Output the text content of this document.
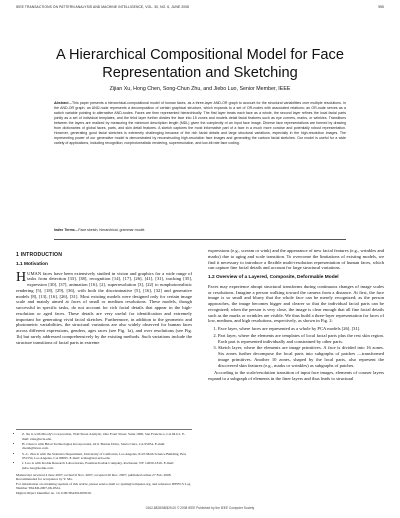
IEEE TRANSACTIONS ON PATTERN ANALYSIS AND MACHINE INTELLIGENCE, VOL. 30, NO. 6, JUNE 2008	955
A Hierarchical Compositional Model for Face Representation and Sketching
Zijian Xu, Hong Chen, Song-Chun Zhu, and Jiebo Luo, Senior Member, IEEE
Abstract—This paper presents a hierarchical-compositional model of human faces, as a three-layer AND-OR graph to account for the structural variabilities over multiple resolutions. In the AND-OR graph, an AND-node represents a decomposition of certain graphical structure, which expands to a set of OR-nodes with associated relations; an OR-node serves as a switch variable pointing to alternative AND-nodes. Faces are then represented hierarchically: The first layer treats each face as a whole, the second layer refines the local facial parts jointly as a set of individual templates, and the third layer further divides the face into 15 zones and models detail facial features such as eye corners, marks, or wrinkles. Transitions between the layers are realized by measuring the minimum description length (MDL) given the complexity of an input face image. Diverse face representations are formed by drawing from dictionaries of global faces, parts, and skin detail features. A sketch captures the most informative part of a face in a much more concise and potentially robust representation. However, generating good facial sketches is extremely challenging because of the rich facial details and large structural variations, especially in the high-resolution images. The representing power of our generative model is demonstrated by reconstructing high-resolution face images and generating the cartoon facial sketches. Our model is useful for a wide variety of applications, including recognition, nonphotorealistic rendering, superresolution, and low-bit rate face coding.
Index Terms—Face sketch, hierarchical, grammar model.
1 INTRODUCTION
1.1 Motivation

HUMAN faces have been extensively studied in vision and graphics for a wide range of tasks from detection [33], [38], recognition [14], [17], [26], [41], [31], tracking [35], expression [30], [37], animation [16], [2], superresolution [3], [22] to nonphotorealistic rendering [5], [18], [29], [36], with both the discriminative [5], [16], [32] and generative models [8], [13], [16], [26], [31]. Most existing models were designed only for certain image scale and mainly aimed at faces of small or medium resolutions. These models, though successful in specific tasks, do not account for rich facial details that appear in the high-resolution or aged faces. These details are very useful for identification and extremely important for generating vivid facial sketches. Furthermore, in addition to the geometric and photometric variabilities, the structural variations are also widely observed for human faces across different expressions, genders, ages races (see Fig. 1a), and over resolutions (see Fig. 1b) but rarely addressed comprehensively by the existing methods. Such variations include the structure transitions of facial parts in extreme

• Z. Xu is with Moody's Corporation, Wall Street Analytic, One Front Street, Suite 1900, San Francisco, CA 94111. E-mail: zixu@ucla.edu.
• H. Chen is with Brion Technologies Incorporated, 4211 Burton Drive, Santa Clara, CA 95054. E-mail: chenh@brion.com.
• S.-C. Zhu is with the Statistics Department, University of California, Los Angeles, 8125 Math Science Building, Box 951554, Los Angeles, CA 90095. E-mail: sczhu@stat.ucla.edu.
• J. Luo is with Kodak Research Laboratories, Eastman Kodak Company, Rochester, NY 14650-1816. E-mail: jiebo.luo@kodak.com.
Manuscript received 4 June 2007; revised 6 Nov. 2007; accepted 26 Dec. 2007; published online 27 Feb. 2008.
Recommended for acceptance by Y. Ma.
For information on obtaining reprints of this article, please send e-mail to: tpami@computer.org, and reference IEEECS Log Number TPAMI-2007-06-0324.
Digital Object Identifier no. 10.1109/TPAMI.2008.50.

expressions (e.g., scream or wink) and the appearance of new facial features (e.g., wrinkles and marks) due to aging and scale transition. To overcome the limitations of existing models, we find it necessary to introduce a flexible multi-resolution representation of human faces, which can capture fine facial details and account for large structural variations.

1.2 Overview of a Layered, Composite, Deformable Model

Faces may experience abrupt structural transforms during continuous changes of image scales or resolutions. Imagine a person walking toward the camera from a distance. At first, the face image is so small and blurry that the whole face can be merely recognized; as the person approaches, the image becomes bigger and clearer so that the individual facial parts can be recognized; when the person is very close, the image is clear enough that all fine facial details such as the marks or wrinkles are visible. We thus build a three-layer representation for faces of low, medium, and high resolutions, respectively, as shown in Fig. 2:

1. Face layer, where faces are represented as a whole by PCA models [26], [31].
2. Part layer, where the elements are templates of local facial parts plus the rest skin region. Each part is represented individually and constrained by other parts.
3. Sketch layer, where the elements are image primitives. A face is divided into 16 zones. Six zones further decompose the local parts into subgraphs of patches —transformed image primitives. Another 10 zones, shaped by the local parts, also represent the discovered skin features (e.g., marks or wrinkles) as subgraphs of patches.

According to the scale/resolution transition of input face images, elements of coarser layers expand to a subgraph of elements in the finer layers and thus leads to structural

0162-8828/08/$25.00 © 2008 IEEE Published by the IEEE Computer Society
